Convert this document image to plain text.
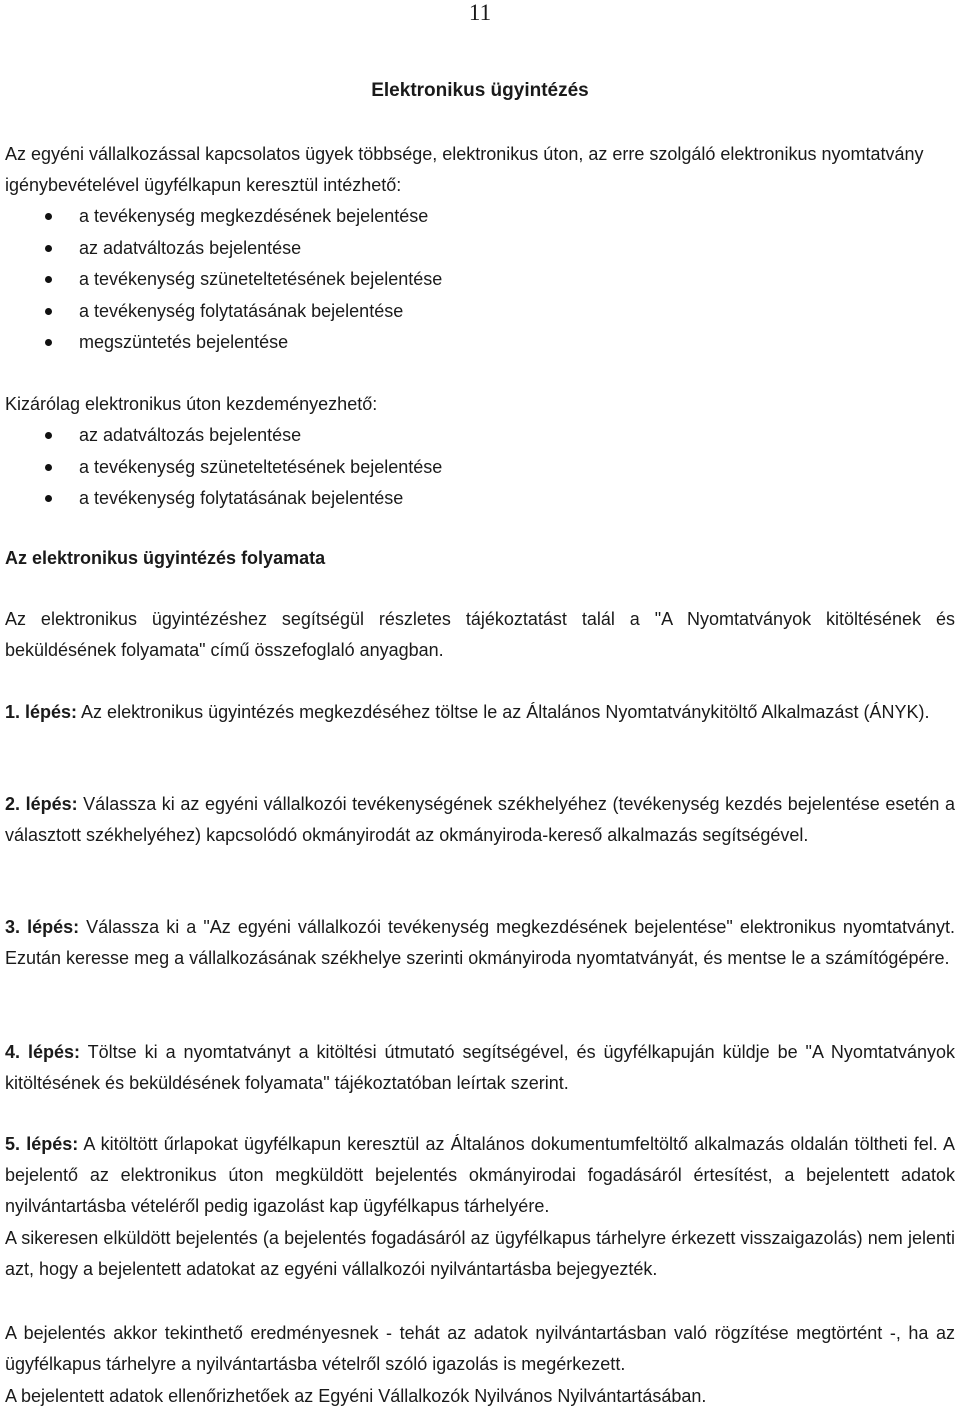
11
Elektronikus ügyintézés
Az egyéni vállalkozással kapcsolatos ügyek többsége, elektronikus úton, az erre szolgáló elektronikus nyomtatvány igénybevételével ügyfélkapun keresztül intézhető:
a tevékenység megkezdésének bejelentése
az adatváltozás bejelentése
a tevékenység szüneteltetésének bejelentése
a tevékenység folytatásának bejelentése
megszüntetés bejelentése
Kizárólag elektronikus úton kezdeményezhető:
az adatváltozás bejelentése
a tevékenység szüneteltetésének bejelentése
a tevékenység folytatásának bejelentése
Az elektronikus ügyintézés folyamata
Az elektronikus ügyintézéshez segítségül részletes tájékoztatást talál a "A Nyomtatványok kitöltésének és beküldésének folyamata" című összefoglaló anyagban.
1. lépés: Az elektronikus ügyintézés megkezdéséhez töltse le az Általános Nyomtatványkitöltő Alkalmazást (ÁNYK).
2. lépés: Válassza ki az egyéni vállalkozói tevékenységének székhelyéhez (tevékenység kezdés bejelentése esetén a választott székhelyéhez) kapcsolódó okmányirodát az okmányiroda-kereső alkalmazás segítségével.
3. lépés: Válassza ki a "Az egyéni vállalkozói tevékenység megkezdésének bejelentése" elektronikus nyomtatványt. Ezután keresse meg a vállalkozásának székhelye szerinti okmányiroda nyomtatványát, és mentse le a számítógépére.
4. lépés: Töltse ki a nyomtatványt a kitöltési útmutató segítségével, és ügyfélkapuján küldje be "A Nyomtatványok kitöltésének és beküldésének folyamata" tájékoztatóban leírtak szerint.
5. lépés: A kitöltött űrlapokat ügyfélkapun keresztül az Általános dokumentumfeltöltő alkalmazás oldalán töltheti fel. A bejelentő az elektronikus úton megküldött bejelentés okmányirodai fogadásáról értesítést, a bejelentett adatok nyilvántartásba vételéről pedig igazolást kap ügyfélkapus tárhelyére.
A sikeresen elküldött bejelentés (a bejelentés fogadásáról az ügyfélkapus tárhelyre érkezett visszaigazolás) nem jelenti azt, hogy a bejelentett adatokat az egyéni vállalkozói nyilvántartásba bejegyezték.
A bejelentés akkor tekinthető eredményesnek - tehát az adatok nyilvántartásban való rögzítése megtörtént -, ha az ügyfélkapus tárhelyre a nyilvántartásba vételről szóló igazolás is megérkezett.
A bejelentett adatok ellenőrizhetőek az Egyéni Vállalkozók Nyilvános Nyilvántartásában.
